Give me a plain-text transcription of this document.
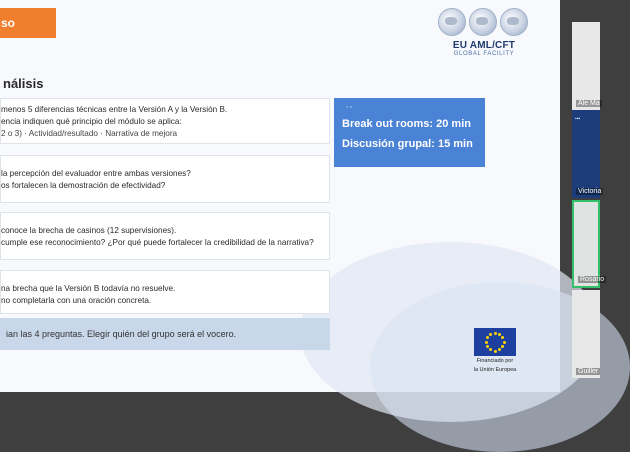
so
EU AML/CFT
GLOBAL FACILITY
nálisis
menos 5 diferencias técnicas entre la Versión A y la Versión B.
encia indiquen qué principio del módulo se aplica:
2 o 3) · Actividad/resultado · Narrativa de mejora
la percepción del evaluador entre ambas versiones?
os fortalecen la demostración de efectividad?
conoce la brecha de casinos (12 supervisiones).
cumple ese reconocimiento? ¿Por qué puede fortalecer la credibilidad de la narrativa?
na brecha que la Versión B todavía no resuelve.
no completarla con una oración concreta.
ian las 4 preguntas. Elegir quién del grupo será el vocero.
◦◦
Break out rooms: 20 min
Discusión grupal: 15 min
Financiado por
la Unión Europea
Ale Ma
▪▪▪
Victoria
Rosario
Guiller
